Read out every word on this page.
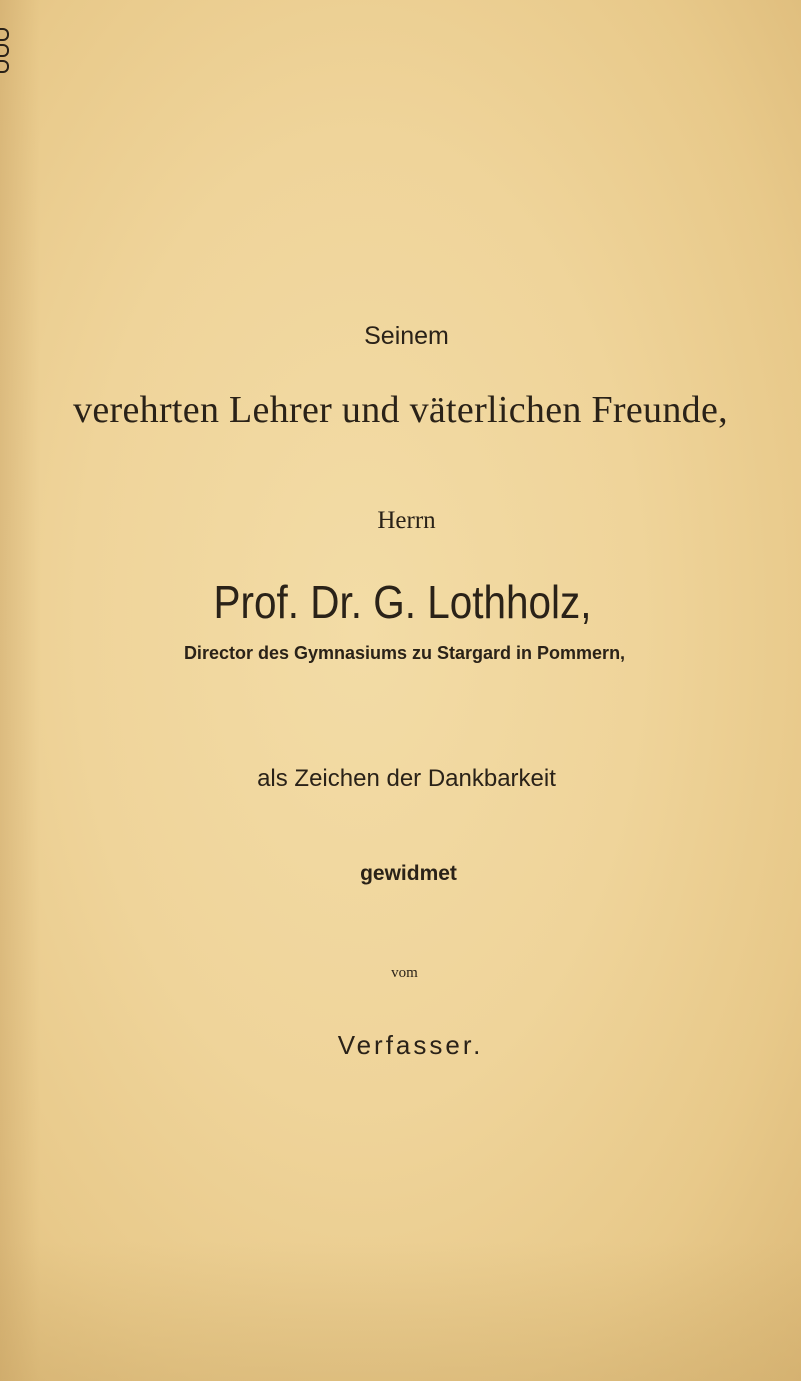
Seinem
verehrten Lehrer und väterlichen Freunde,
Herrn
Prof. Dr. G. Lothholz,
Director des Gymnasiums zu Stargard in Pommern,
als Zeichen der Dankbarkeit
gewidmet
vom
Verfasser.
